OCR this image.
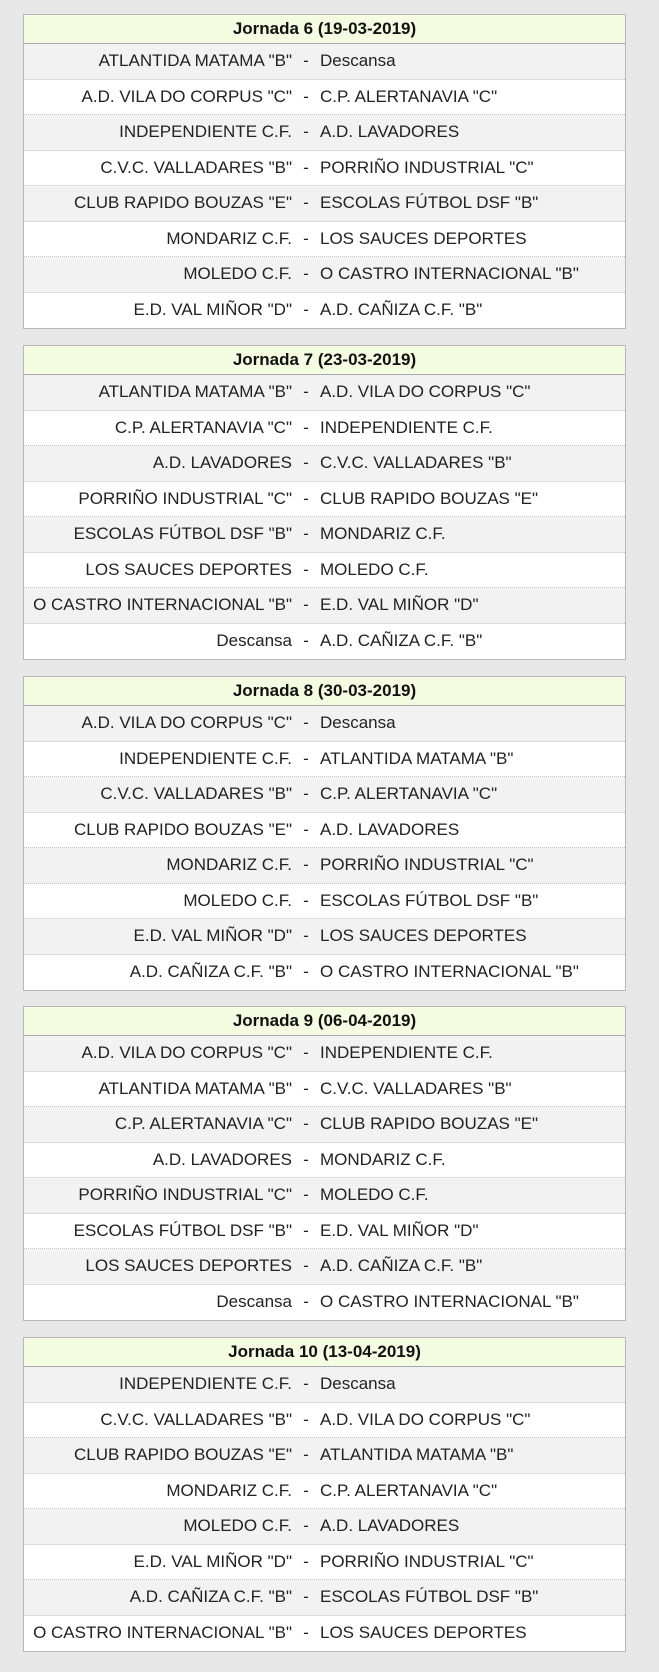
Jornada 6 (19-03-2019)
ATLANTIDA MATAMA "B" - Descansa
A.D. VILA DO CORPUS "C" - C.P. ALERTANAVIA "C"
INDEPENDIENTE C.F. - A.D. LAVADORES
C.V.C. VALLADARES "B" - PORRIÑO INDUSTRIAL "C"
CLUB RAPIDO BOUZAS "E" - ESCOLAS FÚTBOL DSF "B"
MONDARIZ C.F. - LOS SAUCES DEPORTES
MOLEDO C.F. - O CASTRO INTERNACIONAL "B"
E.D. VAL MIÑOR "D" - A.D. CAÑIZA C.F. "B"
Jornada 7 (23-03-2019)
ATLANTIDA MATAMA "B" - A.D. VILA DO CORPUS "C"
C.P. ALERTANAVIA "C" - INDEPENDIENTE C.F.
A.D. LAVADORES - C.V.C. VALLADARES "B"
PORRIÑO INDUSTRIAL "C" - CLUB RAPIDO BOUZAS "E"
ESCOLAS FÚTBOL DSF "B" - MONDARIZ C.F.
LOS SAUCES DEPORTES - MOLEDO C.F.
O CASTRO INTERNACIONAL "B" - E.D. VAL MIÑOR "D"
Descansa - A.D. CAÑIZA C.F. "B"
Jornada 8 (30-03-2019)
A.D. VILA DO CORPUS "C" - Descansa
INDEPENDIENTE C.F. - ATLANTIDA MATAMA "B"
C.V.C. VALLADARES "B" - C.P. ALERTANAVIA "C"
CLUB RAPIDO BOUZAS "E" - A.D. LAVADORES
MONDARIZ C.F. - PORRIÑO INDUSTRIAL "C"
MOLEDO C.F. - ESCOLAS FÚTBOL DSF "B"
E.D. VAL MIÑOR "D" - LOS SAUCES DEPORTES
A.D. CAÑIZA C.F. "B" - O CASTRO INTERNACIONAL "B"
Jornada 9 (06-04-2019)
A.D. VILA DO CORPUS "C" - INDEPENDIENTE C.F.
ATLANTIDA MATAMA "B" - C.V.C. VALLADARES "B"
C.P. ALERTANAVIA "C" - CLUB RAPIDO BOUZAS "E"
A.D. LAVADORES - MONDARIZ C.F.
PORRIÑO INDUSTRIAL "C" - MOLEDO C.F.
ESCOLAS FÚTBOL DSF "B" - E.D. VAL MIÑOR "D"
LOS SAUCES DEPORTES - A.D. CAÑIZA C.F. "B"
Descansa - O CASTRO INTERNACIONAL "B"
Jornada 10 (13-04-2019)
INDEPENDIENTE C.F. - Descansa
C.V.C. VALLADARES "B" - A.D. VILA DO CORPUS "C"
CLUB RAPIDO BOUZAS "E" - ATLANTIDA MATAMA "B"
MONDARIZ C.F. - C.P. ALERTANAVIA "C"
MOLEDO C.F. - A.D. LAVADORES
E.D. VAL MIÑOR "D" - PORRIÑO INDUSTRIAL "C"
A.D. CAÑIZA C.F. "B" - ESCOLAS FÚTBOL DSF "B"
O CASTRO INTERNACIONAL "B" - LOS SAUCES DEPORTES
